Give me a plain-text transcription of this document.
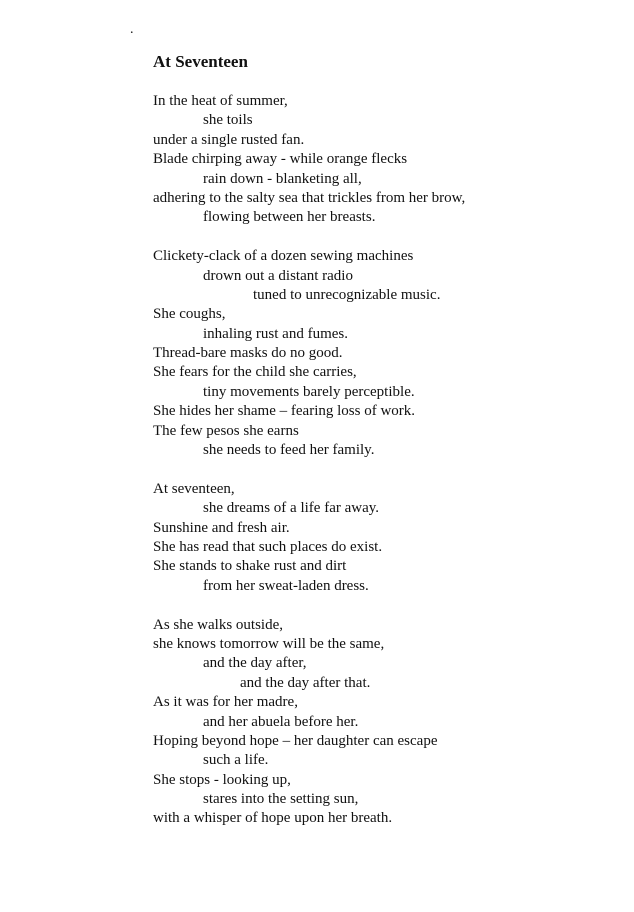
.
At Seventeen
In the heat of summer,
she toils
under a single rusted fan.
Blade chirping away - while orange flecks
rain down - blanketing all,
adhering to the salty sea that trickles from her brow,
flowing between her breasts.
Clickety-clack of a dozen sewing machines
drown out a distant radio
tuned to unrecognizable music.
She coughs,
inhaling rust and fumes.
Thread-bare masks do no good.
She fears for the child she carries,
tiny movements barely perceptible.
She hides her shame – fearing loss of work.
The few pesos she earns
she needs to feed her family.
At seventeen,
she dreams of a life far away.
Sunshine and fresh air.
She has read that such places do exist.
She stands to shake rust and dirt
from her sweat-laden dress.
As she walks outside,
she knows tomorrow will be the same,
and the day after,
and the day after that.
As it was for her madre,
and her abuela before her.
Hoping beyond hope – her daughter can escape
such a life.
She stops - looking up,
stares into the setting sun,
with a whisper of hope upon her breath.
